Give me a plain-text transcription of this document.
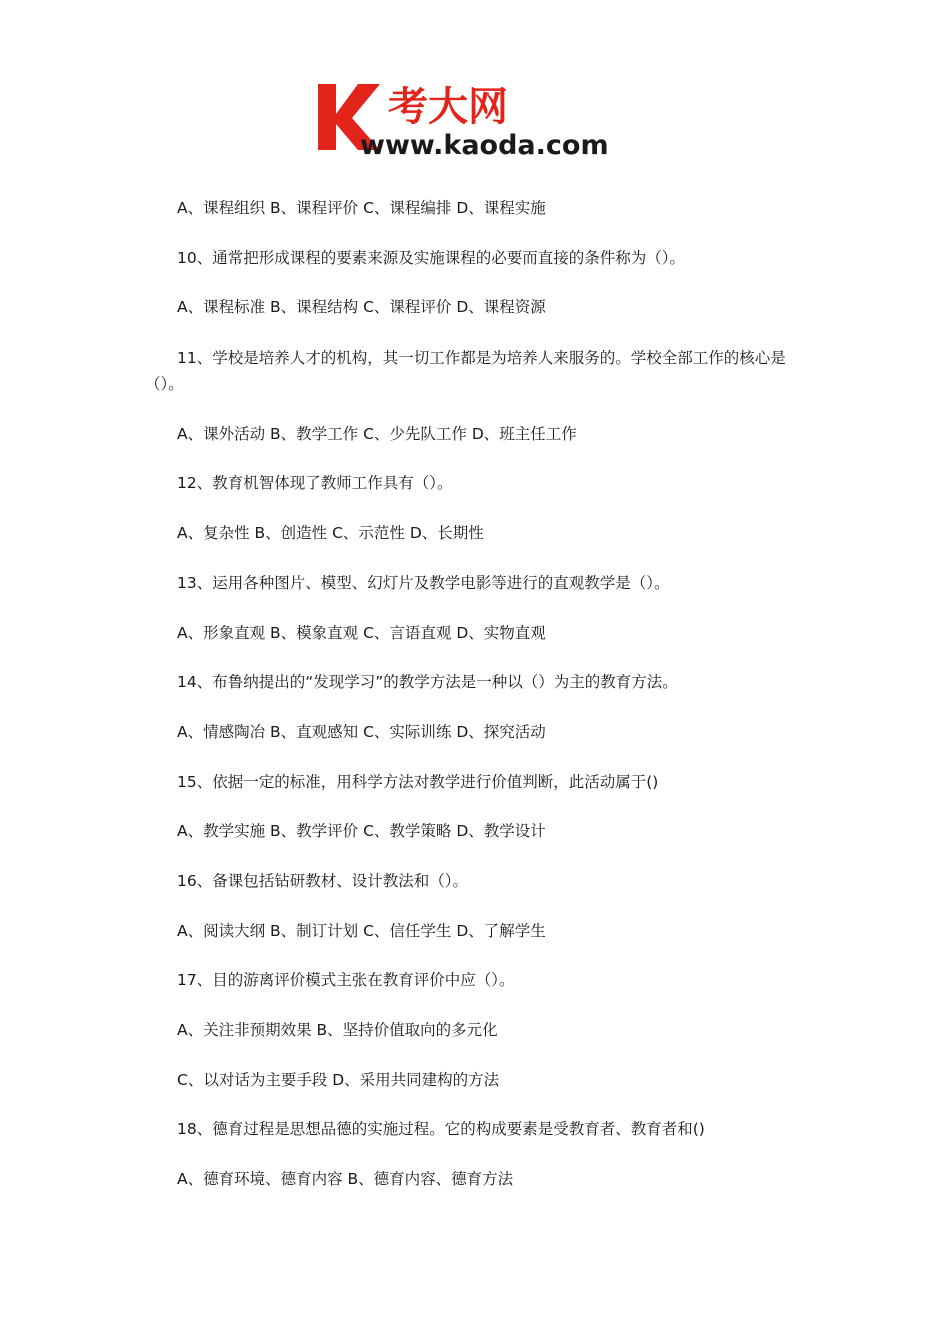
考大网
www.kaoda.com

A、课程组织 B、课程评价 C、课程编排 D、课程实施

10、通常把形成课程的要素来源及实施课程的必要而直接的条件称为（）。

A、课程标准 B、课程结构 C、课程评价 D、课程资源

11、学校是培养人才的机构，其一切工作都是为培养人来服务的。学校全部工作的核心是（）。

A、课外活动 B、教学工作 C、少先队工作 D、班主任工作

12、教育机智体现了教师工作具有（）。

A、复杂性 B、创造性 C、示范性 D、长期性

13、运用各种图片、模型、幻灯片及教学电影等进行的直观教学是（）。

A、形象直观 B、模象直观 C、言语直观 D、实物直观

14、布鲁纳提出的“发现学习”的教学方法是一种以（）为主的教育方法。

A、情感陶冶 B、直观感知 C、实际训练 D、探究活动

15、依据一定的标准，用科学方法对教学进行价值判断，此活动属于()

A、教学实施 B、教学评价 C、教学策略 D、教学设计

16、备课包括钻研教材、设计教法和（）。

A、阅读大纲 B、制订计划 C、信任学生 D、了解学生

17、目的游离评价模式主张在教育评价中应（）。

A、关注非预期效果 B、坚持价值取向的多元化

C、以对话为主要手段 D、采用共同建构的方法

18、德育过程是思想品德的实施过程。它的构成要素是受教育者、教育者和()

A、德育环境、德育内容 B、德育内容、德育方法
